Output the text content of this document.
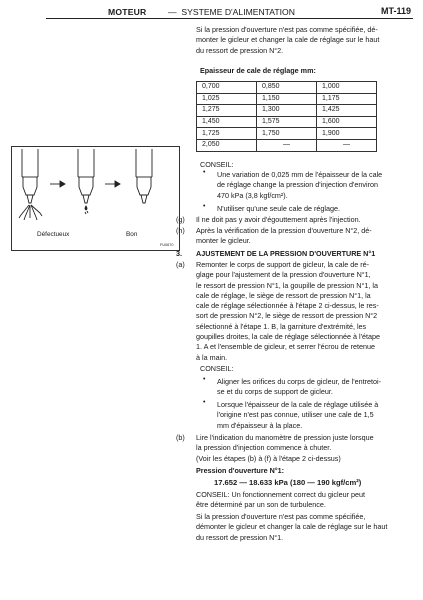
MOTEUR	— SYSTEME D'ALIMENTATION	MT-119
Si la pression d'ouverture n'est pas comme spécifiée, dé-
monter le gicleur et changer la cale de réglage sur le haut
du ressort de pression N°2.
Epaisseur de cale de réglage mm:
0,700	0,850	1,000
1,025	1,150	1,175
1,275	1,300	1,425
1,450	1,575	1,600
1,725	1,750	1,900
2,050	—	—
Défectueux	Bon
FU0670
CONSEIL:
• Une variation de 0,025 mm de l'épaisseur de la cale
de réglage change la pression d'injection d'environ
470 kPa (3,8 kgf/cm²).
• N'utiliser qu'une seule cale de réglage.
(g) Il ne doit pas y avoir d'égouttement après l'injection.
(h) Après la vérification de la pression d'ouverture N°2, dé-
monter le gicleur.
3. AJUSTEMENT DE LA PRESSION D'OUVERTURE N°1
(a) Remonter le corps de support de gicleur, la cale de ré-
glage pour l'ajustement de la pression d'ouverture N°1,
le ressort de pression N°1, la goupille de pression N°1, la
cale de réglage, le siège de ressort de pression N°1, la
cale de réglage sélectionnée à l'étape 2 ci-dessus, le res-
sort de pression N°2, le siège de ressort de pression N°2
sélectionné à l'étape 1. B, la garniture d'extrémité, les
goupilles droites, la cale de réglage sélectionnée à l'étape
1. A et l'ensemble de gicleur, et serrer l'écrou de retenue
à la main.
CONSEIL:
• Aligner les orifices du corps de gicleur, de l'entretoi-
se et du corps de support de gicleur.
• Lorsque l'épaisseur de la cale de réglage utilisée à
l'origine n'est pas connue, utiliser une cale de 1,5
mm d'épaisseur à la place.
(b) Lire l'indication du manomètre de pression juste lorsque
la pression d'injection commence à chuter.
(Voir les étapes (b) à (f) à l'étape 2 ci-dessus)
Pression d'ouverture N°1:
17.652 — 18.633 kPa (180 — 190 kgf/cm²)
CONSEIL: Un fonctionnement correct du gicleur peut
être déterminé par un son de turbulence.
Si la pression d'ouverture n'est pas comme spécifiée,
démonter le gicleur et changer la cale de réglage sur le haut
du ressort de pression N°1.
